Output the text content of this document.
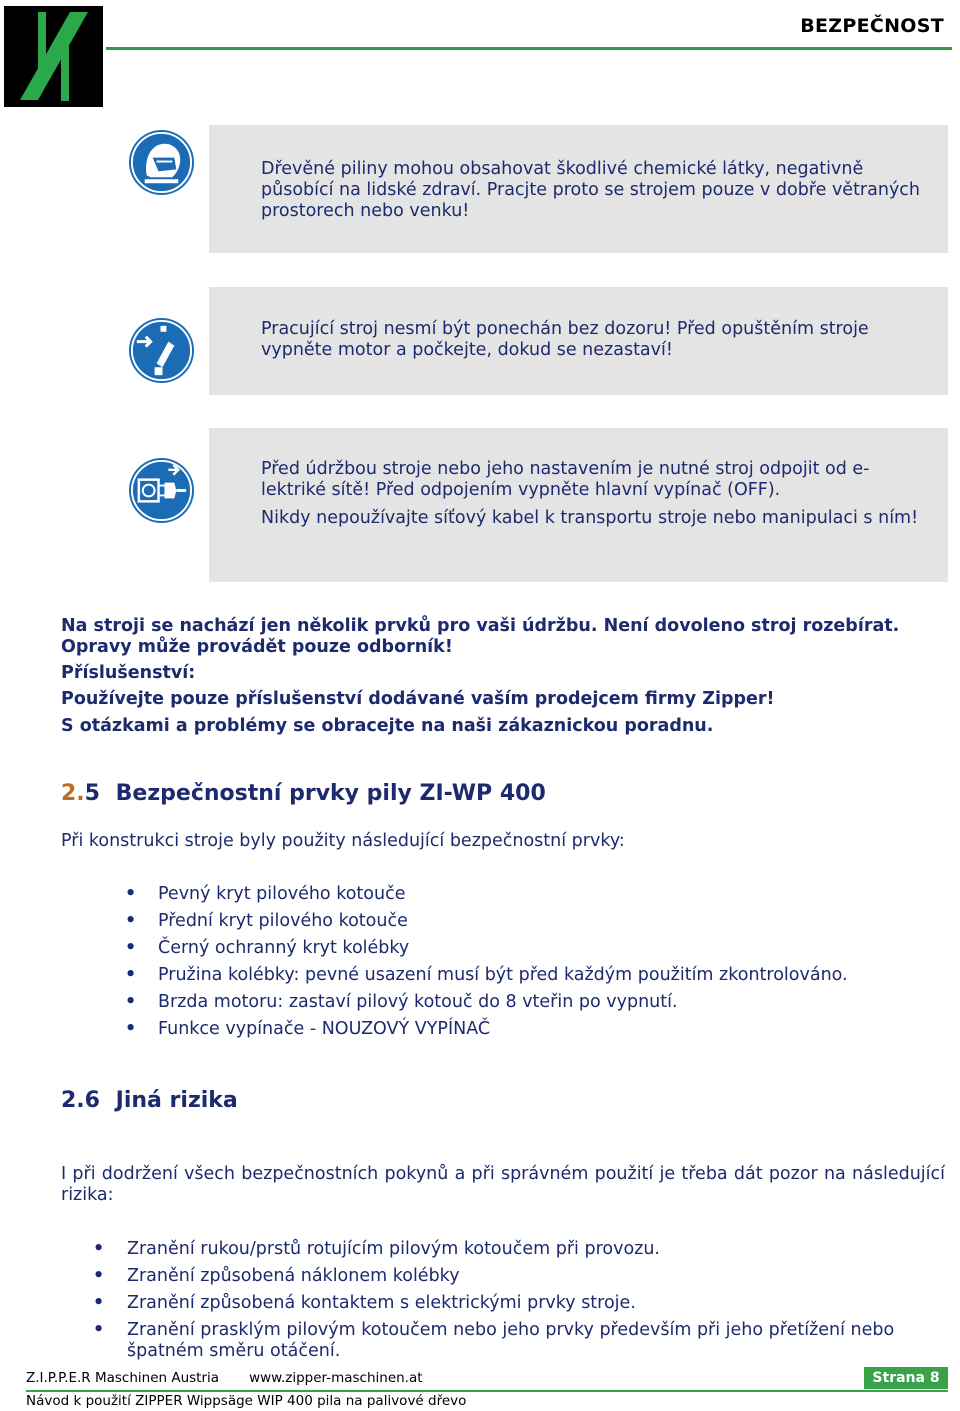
BEZPEČNOST

Dřevěné piliny mohou obsahovat škodlivé chemické látky, negativně působící na lidské zdraví. Pracjte proto se strojem pouze v dobře větraných prostorech nebo venku!

Pracující stroj nesmí být ponechán bez dozoru! Před opuštěním stroje vypněte motor a počkejte, dokud se nezastaví!

Před údržbou stroje nebo jeho nastavením je nutné stroj odpojit od e-lektriké sítě! Před odpojením vypněte hlavní vypínač (OFF).

Nikdy nepoužívajte síťový kabel k transportu stroje nebo manipulaci s ním!

Na stroji se nachází jen několik prvků pro vaši údržbu. Není dovoleno stroj rozebírat.
Opravy může provádět pouze odborník!
Příslušenství:
Používejte pouze příslušenství dodávané vaším prodejcem firmy Zipper!
S otázkami a problémy se obracejte na naši zákaznickou poradnu.
2.5 Bezpečnostní prvky pily ZI-WP 400
Při konstrukci stroje byly použity následující bezpečnostní prvky:
• Pevný kryt pilového kotouče
• Přední kryt pilového kotouče
• Černý ochranný kryt kolébky
• Pružina kolébky: pevné usazení musí být před každým použitím zkontrolováno.
• Brzda motoru: zastaví pilový kotouč do 8 vteřin po vypnutí.
• Funkce vypínače - NOUZOVÝ VYPÍNAČ
2.6 Jiná rizika
I při dodržení všech bezpečnostních pokynů a při správném použití je třeba dát pozor na následující rizika:
• Zranění rukou/prstů rotujícím pilovým kotoučem při provozu.
• Zranění způsobená náklonem kolébky
• Zranění způsobená kontaktem s elektrickými prvky stroje.
• Zranění prasklým pilovým kotoučem nebo jeho prvky především při jeho přetížení nebo špatném směru otáčení.
Z.I.P.P.E.R Maschinen Austria www.zipper-maschinen.at	Strana 8
Návod k použití ZIPPER Wippsäge WIP 400 pila na palivové dřevo
